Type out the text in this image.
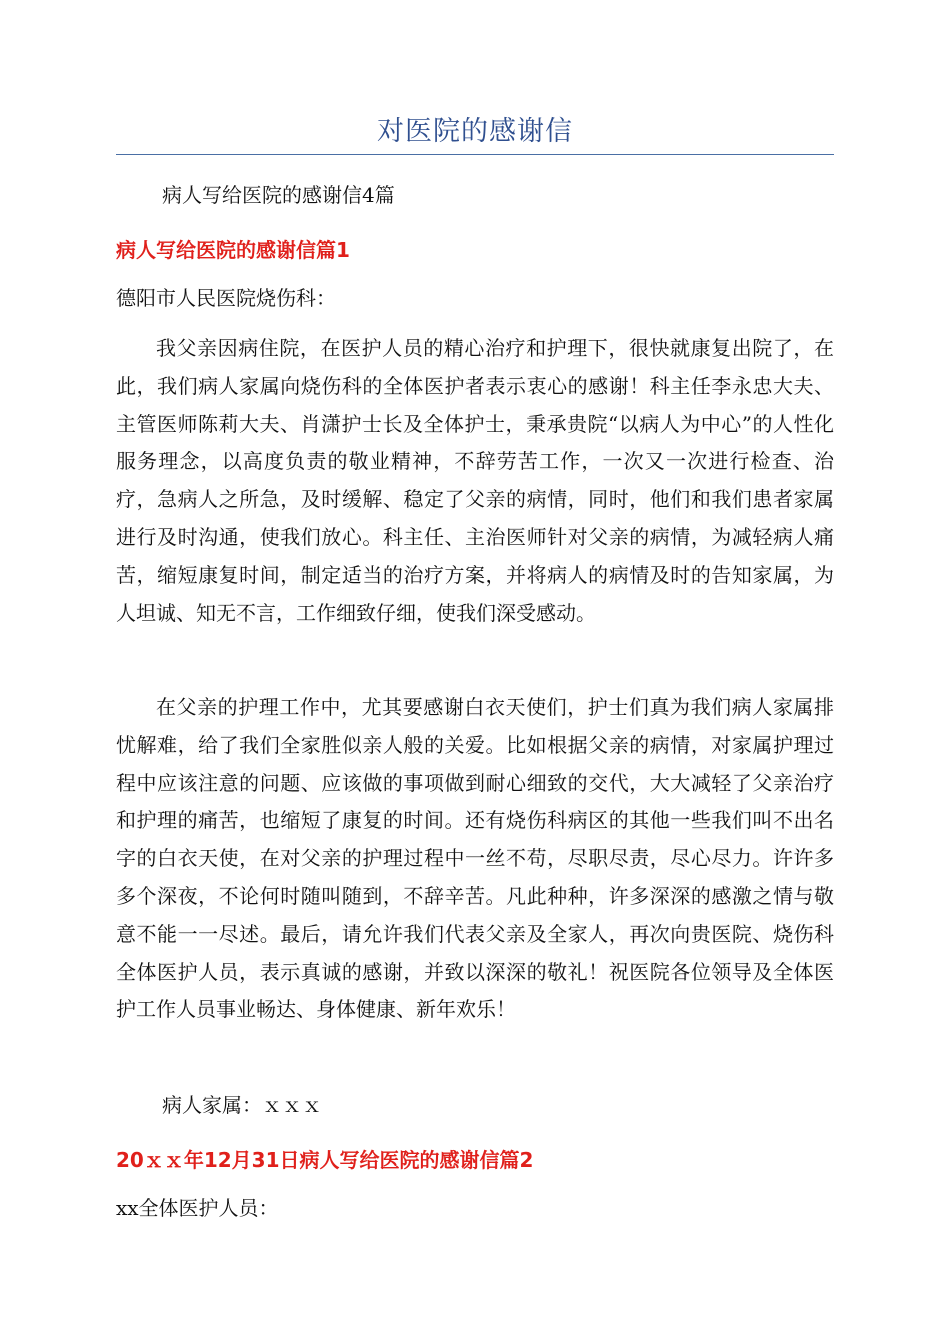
对医院的感谢信
病人写给医院的感谢信4篇
病人写给医院的感谢信篇1
德阳市人民医院烧伤科：

我父亲因病住院，在医护人员的精心治疗和护理下，很快就康复出院了，在此，我们病人家属向烧伤科的全体医护者表示衷心的感谢！科主任李永忠大夫、主管医师陈莉大夫、肖潇护士长及全体护士，秉承贵院“以病人为中心”的人性化服务理念，以高度负责的敬业精神，不辞劳苦工作，一次又一次进行检查、治疗，急病人之所急，及时缓解、稳定了父亲的病情，同时，他们和我们患者家属进行及时沟通，使我们放心。科主任、主治医师针对父亲的病情，为减轻病人痛苦，缩短康复时间，制定适当的治疗方案，并将病人的病情及时的告知家属，为人坦诚、知无不言，工作细致仔细，使我们深受感动。

在父亲的护理工作中，尤其要感谢白衣天使们，护士们真为我们病人家属排忧解难，给了我们全家胜似亲人般的关爱。比如根据父亲的病情，对家属护理过程中应该注意的问题、应该做的事项做到耐心细致的交代，大大减轻了父亲治疗和护理的痛苦，也缩短了康复的时间。还有烧伤科病区的其他一些我们叫不出名字的白衣天使，在对父亲的护理过程中一丝不苟，尽职尽责，尽心尽力。许许多多个深夜，不论何时随叫随到，不辞辛苦。凡此种种，许多深深的感激之情与敬意不能一一尽述。最后，请允许我们代表父亲及全家人，再次向贵医院、烧伤科全体医护人员，表示真诚的感谢，并致以深深的敬礼！祝医院各位领导及全体医护工作人员事业畅达、身体健康、新年欢乐！

病人家属：ｘｘｘ
20ｘｘ年12月31日病人写给医院的感谢信篇2
xx全体医护人员：
